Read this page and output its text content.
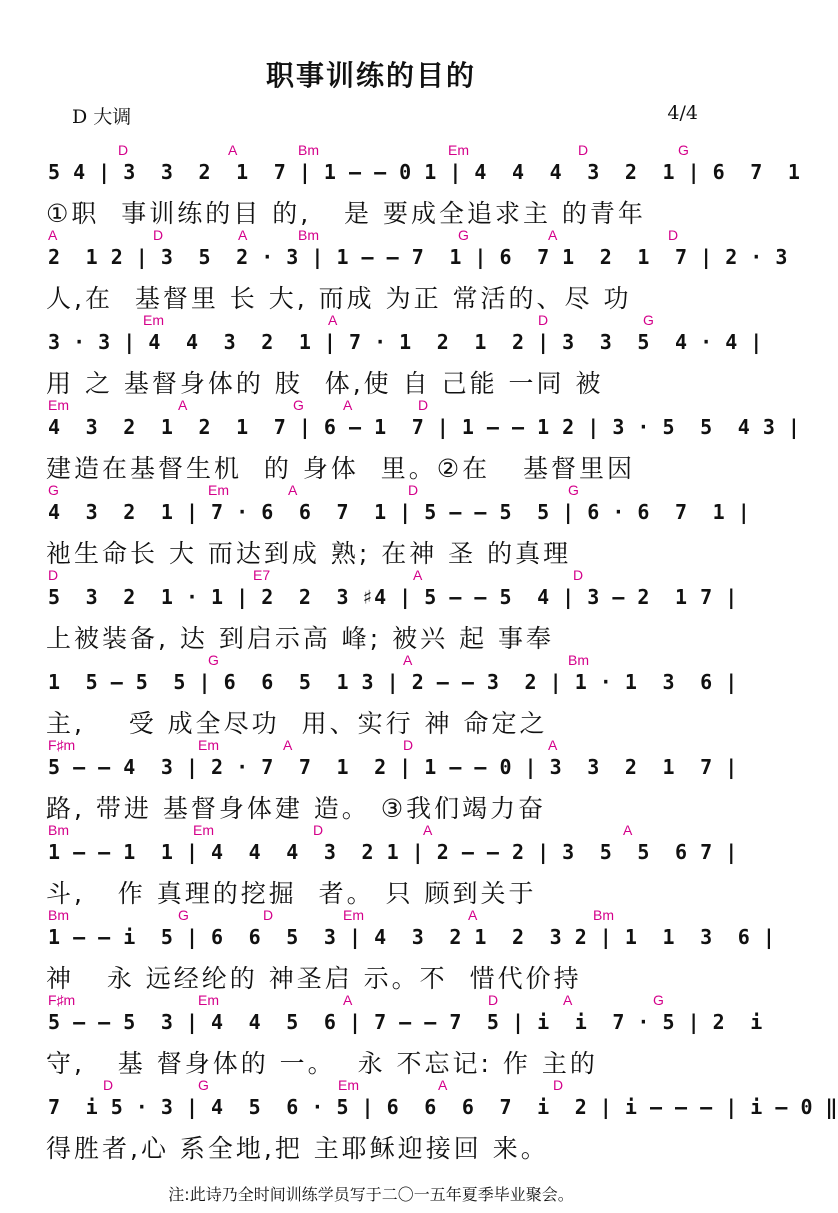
职事训练的目的
D 大调	4/4
D	A	Bm	Em	D	G
5 4 | 3  3  2  1  7 | 1 – – 0 1 | 4  4  4  3  2  1 | 6  7  1
①职  事训练的目 的,   是 要成全追求主 的青年
A	D	A	Bm	G	A	D
2  1 2 | 3  5  2 · 3 | 1 – – 7  1 | 6  7 1  2  1  7 | 2 · 3
人,在  基督里 长 大, 而成 为正 常活的、尽 功
Em	A	D	G
3 · 3 | 4  4  3  2  1 | 7 · 1  2  1  2 | 3  3  5  4 · 4 |
用 之 基督身体的 肢  体,使 自 己能 一同 被
Em	A	G	A	D
4  3  2  1  2  1  7 | 6 – 1  7 | 1 – – 1 2 | 3 · 5  5  4 3 |
建造在基督生机  的 身体  里。②在   基督里因
G	Em	A	D	G
4  3  2  1 | 7 · 6  6  7  1 | 5 – – 5  5 | 6 · 6  7  1 |
祂生命长 大 而达到成 熟; 在神 圣 的真理
D	E7	A	D
5  3  2  1 · 1 | 2  2  3 ♯4 | 5 – – 5  4 | 3 – 2  1 7 |
上被装备, 达 到启示高 峰; 被兴 起 事奉
G	A	Bm
1  5 – 5  5 | 6  6  5  1 3 | 2 – – 3  2 | 1 · 1  3  6 |
主,    受 成全尽功  用、实行 神 命定之
F♯m	Em	A	D	A
5 – – 4  3 | 2 · 7  7  1  2 | 1 – – 0 | 3  3  2  1  7 |
路, 带进 基督身体建 造。 ③我们竭力奋
Bm	Em	D	A	A
1 – – 1  1 | 4  4  4  3  2 1 | 2 – – 2 | 3  5  5  6 7 |
斗,   作 真理的挖掘  者。 只 顾到关于
Bm	G	D	Em	A	Bm
1 – – i  5 | 6  6  5  3 | 4  3  2 1  2  3 2 | 1  1  3  6 |
神   永 远经纶的 神圣启 示。不  惜代价持
F♯m	Em	A	D	A	G
5 – – 5  3 | 4  4  5  6 | 7 – – 7  5 | i  i  7 · 5 | 2  i
守,   基 督身体的 一。  永 不忘记: 作 主的
D	G	Em	A	D
7  i 5 · 3 | 4  5  6 · 5 | 6  6  6  7  i  2 | i – – – | i – 0 ‖
得胜者,心 系全地,把 主耶稣迎接回 来。
注:此诗乃全时间训练学员写于二〇一五年夏季毕业聚会。
